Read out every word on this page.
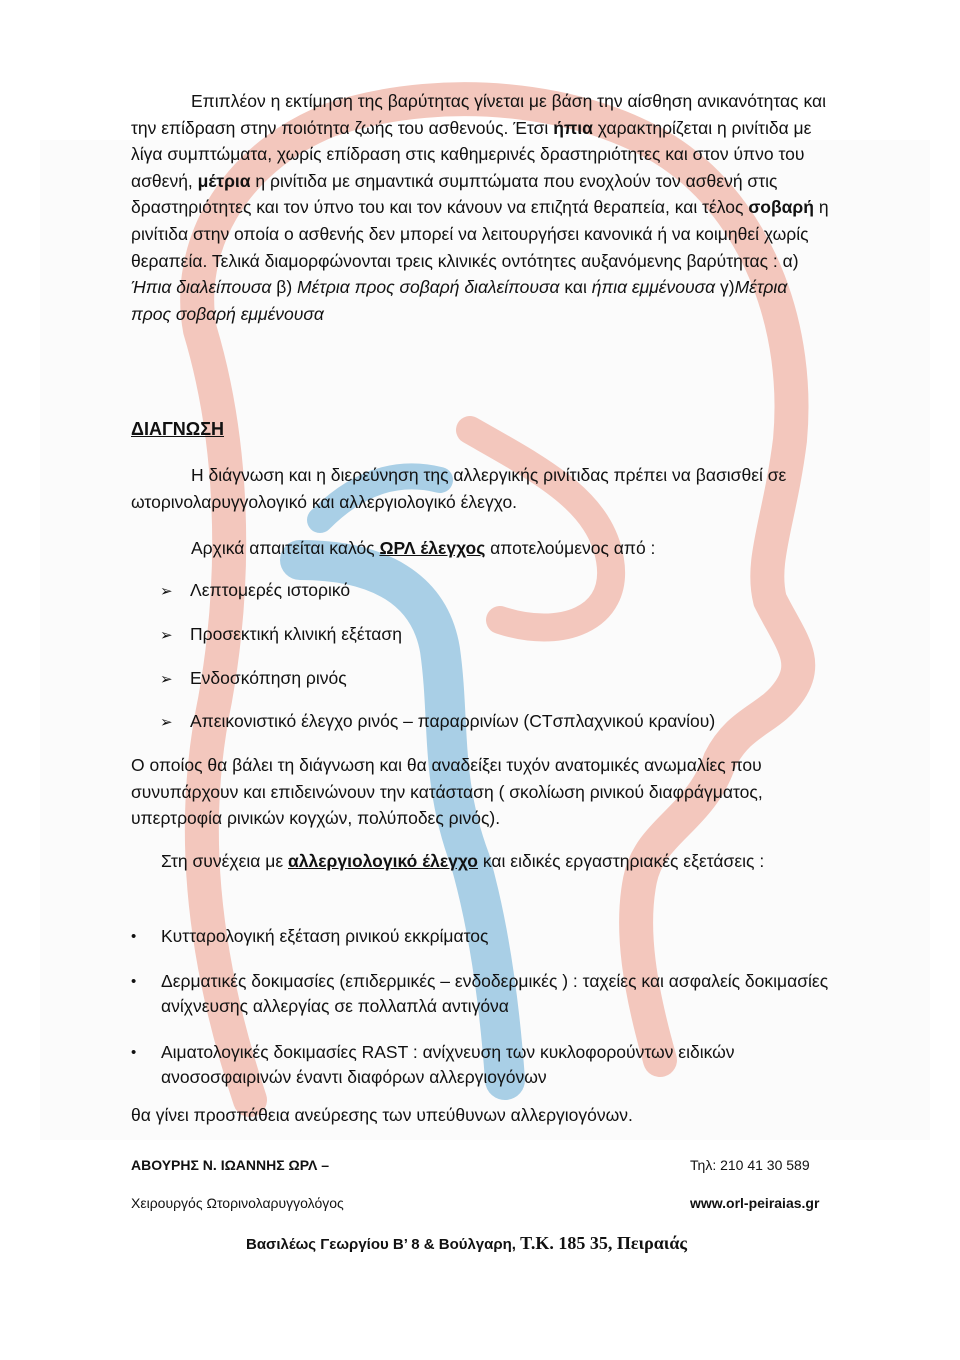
Επιπλέον η εκτίμηση της βαρύτητας γίνεται με βάση την αίσθηση ανικανότητας και την επίδραση στην ποιότητα ζωής του ασθενούς. Έτσι ήπια χαρακτηρίζεται η ρινίτιδα με λίγα συμπτώματα, χωρίς επίδραση στις καθημερινές δραστηριότητες και στον ύπνο του ασθενή, μέτρια η ρινίτιδα με σημαντικά συμπτώματα που ενοχλούν τον ασθενή στις δραστηριότητες και τον ύπνο του και τον κάνουν να επιζητά θεραπεία, και τέλος σοβαρή η ρινίτιδα στην οποία ο ασθενής δεν μπορεί να λειτουργήσει κανονικά ή να κοιμηθεί χωρίς θεραπεία. Τελικά διαμορφώνονται τρεις κλινικές οντότητες αυξανόμενης βαρύτητας : α) Ήπια διαλείπουσα β) Μέτρια προς σοβαρή διαλείπουσα και ήπια εμμένουσα γ)Μέτρια προς σοβαρή εμμένουσα

ΔΙΑΓΝΩΣΗ

Η διάγνωση και η διερεύνηση της αλλεργικής ρινίτιδας πρέπει να βασισθεί σε ωτορινολαρυγγολογικό και αλλεργιολογικό έλεγχο.

Αρχικά απαιτείται καλός ΩΡΛ έλεγχος αποτελούμενος από :

➢ Λεπτομερές ιστορικό
➢ Προσεκτική κλινική εξέταση
➢ Ενδοσκόπηση ρινός
➢ Απεικονιστικό έλεγχο ρινός – παραρρινίων (CTσπλαχνικού κρανίου)

Ο οποίος θα βάλει τη διάγνωση και θα αναδείξει τυχόν ανατομικές ανωμαλίες που συνυπάρχουν και επιδεινώνουν την κατάσταση ( σκολίωση ρινικού διαφράγματος, υπερτροφία ρινικών κογχών, πολύποδες ρινός).

Στη συνέχεια με αλλεργιολογικό έλεγχο και ειδικές εργαστηριακές εξετάσεις :

•	Κυτταρολογική εξέταση ρινικού εκκρίματος
•	Δερματικές δοκιμασίες (επιδερμικές – ενδοδερμικές ) : ταχείες και ασφαλείς δοκιμασίες ανίχνευσης αλλεργίας σε πολλαπλά αντιγόνα
•	Αιματολογικές δοκιμασίες RAST : ανίχνευση των κυκλοφορούντων ειδικών ανοσοσφαιρινών έναντι διαφόρων αλλεργιογόνων

θα γίνει προσπάθεια ανεύρεσης των υπεύθυνων αλλεργιογόνων.

ΑΒΟΥΡΗΣ Ν. ΙΩΑΝΝΗΣ ΩΡΛ –	Τηλ: 210 41 30 589
Χειρουργός Ωτορινολαρυγγολόγος	www.orl-peiraias.gr
Βασιλέως Γεωργίου Β’ 8 & Βούλγαρη, Τ.Κ. 185 35, Πειραιάς
